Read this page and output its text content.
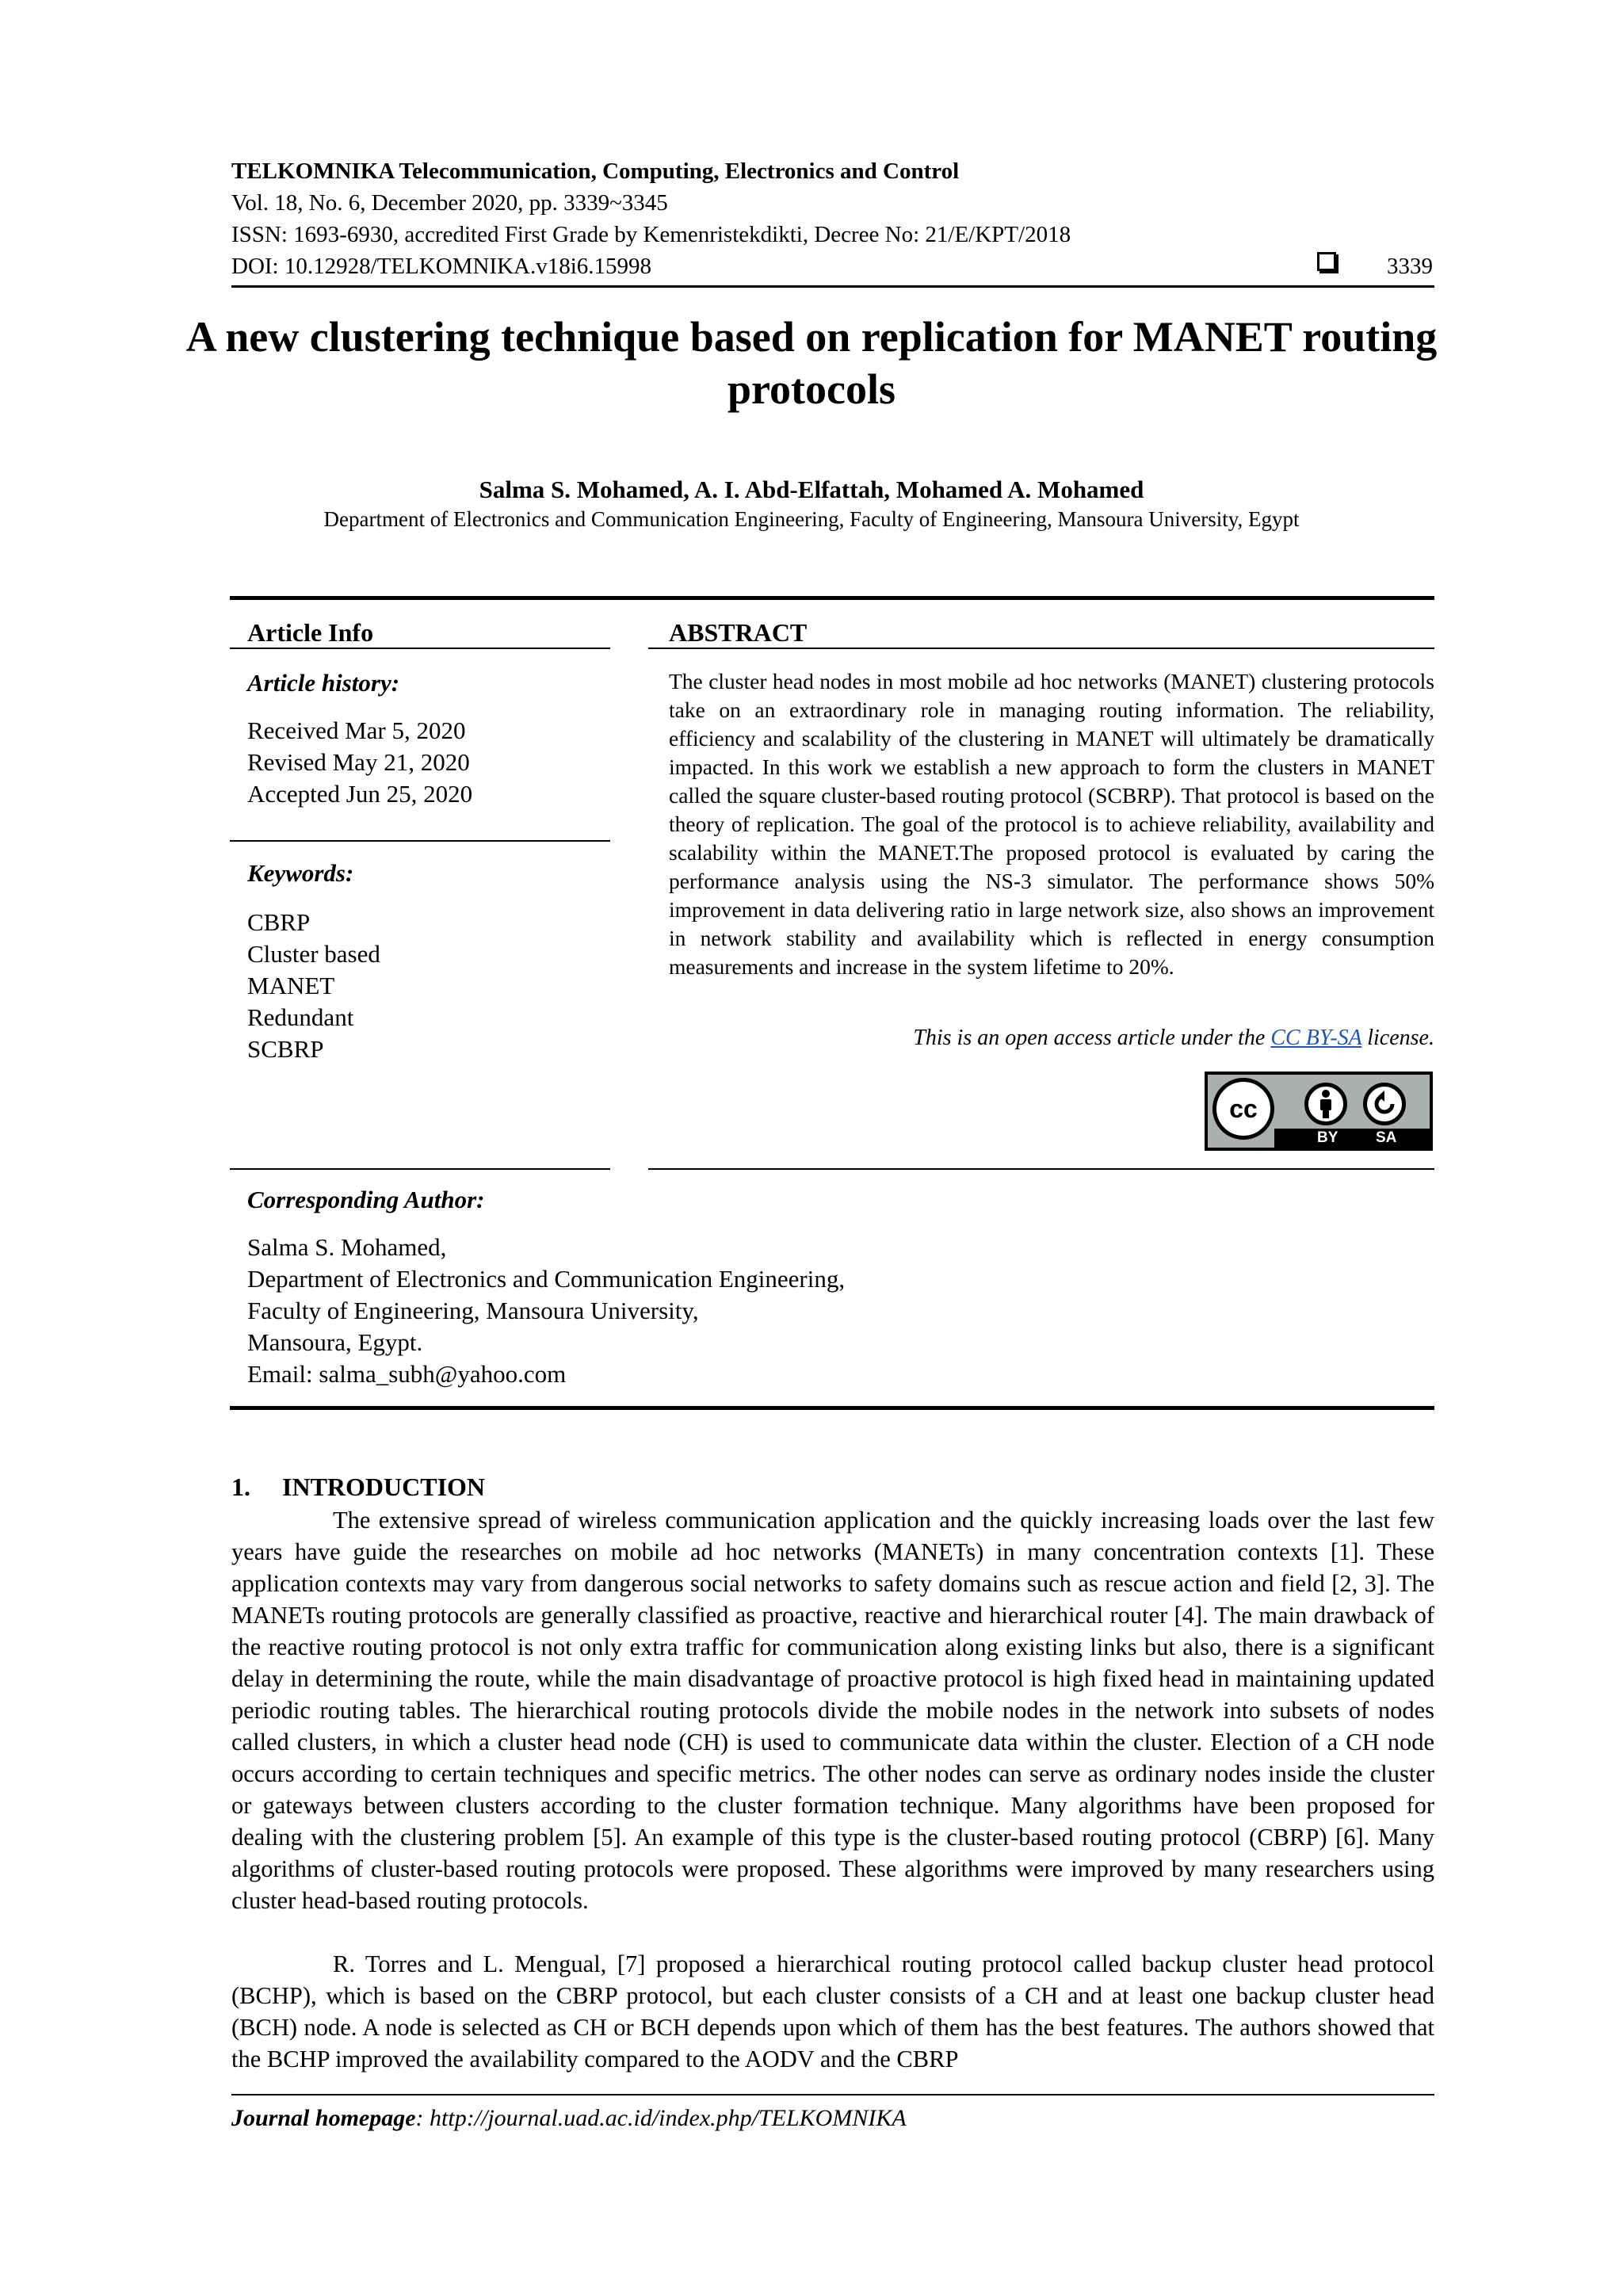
TELKOMNIKA Telecommunication, Computing, Electronics and Control
Vol. 18, No. 6, December 2020, pp. 3339~3345
ISSN: 1693-6930, accredited First Grade by Kemenristekdikti, Decree No: 21/E/KPT/2018
DOI: 10.12928/TELKOMNIKA.v18i6.15998	3339
A new clustering technique based on replication for MANET routing protocols
Salma S. Mohamed, A. I. Abd-Elfattah, Mohamed A. Mohamed
Department of Electronics and Communication Engineering, Faculty of Engineering, Mansoura University, Egypt
Article Info
Article history:
Received Mar 5, 2020
Revised May 21, 2020
Accepted Jun 25, 2020
Keywords:
CBRP
Cluster based
MANET
Redundant
SCBRP
ABSTRACT
The cluster head nodes in most mobile ad hoc networks (MANET) clustering protocols take on an extraordinary role in managing routing information. The reliability, efficiency and scalability of the clustering in MANET will ultimately be dramatically impacted. In this work we establish a new approach to form the clusters in MANET called the square cluster-based routing protocol (SCBRP). That protocol is based on the theory of replication. The goal of the protocol is to achieve reliability, availability and scalability within the MANET.The proposed protocol is evaluated by caring the performance analysis using the NS-3 simulator. The performance shows 50% improvement in data delivering ratio in large network size, also shows an improvement in network stability and availability which is reflected in energy consumption measurements and increase in the system lifetime to 20%.
This is an open access article under the CC BY-SA license.
cc
BY	SA
Corresponding Author:
Salma S. Mohamed,
Department of Electronics and Communication Engineering,
Faculty of Engineering, Mansoura University,
Mansoura, Egypt.
Email: salma_subh@yahoo.com
1.     INTRODUCTION
The extensive spread of wireless communication application and the quickly increasing loads over the last few years have guide the researches on mobile ad hoc networks (MANETs) in many concentration contexts [1]. These application contexts may vary from dangerous social networks to safety domains such as rescue action and field [2, 3]. The MANETs routing protocols are generally classified as proactive, reactive and hierarchical router [4]. The main drawback of the reactive routing protocol is not only extra traffic for communication along existing links but also, there is a significant delay in determining the route, while the main disadvantage of proactive protocol is high fixed head in maintaining updated periodic routing tables. The hierarchical routing protocols divide the mobile nodes in the network into subsets of nodes called clusters, in which a cluster head node (CH) is used to communicate data within the cluster. Election of a CH node occurs according to certain techniques and specific metrics. The other nodes can serve as ordinary nodes inside the cluster or gateways between clusters according to the cluster formation technique. Many algorithms have been proposed for dealing with the clustering problem [5]. An example of this type is the cluster-based routing protocol (CBRP) [6]. Many algorithms of cluster-based routing protocols were proposed. These algorithms were improved by many researchers using cluster head-based routing protocols.
R. Torres and L. Mengual, [7] proposed a hierarchical routing protocol called backup cluster head protocol (BCHP), which is based on the CBRP protocol, but each cluster consists of a CH and at least one backup cluster head (BCH) node. A node is selected as CH or BCH depends upon which of them has the best features. The authors showed that the BCHP improved the availability compared to the AODV and the CBRP
Journal homepage: http://journal.uad.ac.id/index.php/TELKOMNIKA
